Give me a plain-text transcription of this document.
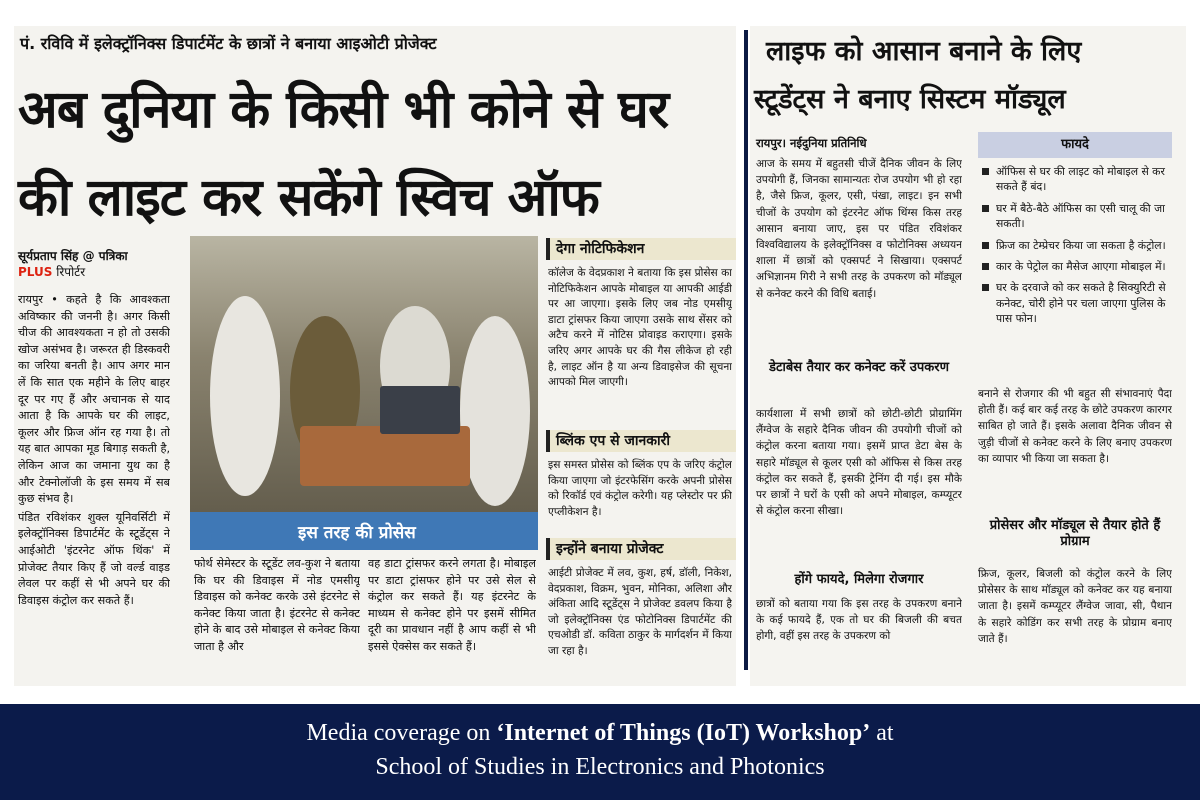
पं. रविवि में इलेक्ट्रॉनिक्स डिपार्टमेंट के छात्रों ने बनाया आइओटी प्रोजेक्ट
अब दुनिया के किसी भी कोने से घर
की लाइट कर सकेंगे स्विच ऑफ
सूर्यप्रताप सिंह @ पत्रिका
PLUS रिपोर्टर

रायपुर • कहते है कि आवश्कता अविष्कार की जननी है। अगर किसी चीज की आवश्यकता न हो तो उसकी खोज असंभव है। जरूरत ही डिस्कवरी का जरिया बनती है। आप अगर मान लें कि सात एक महीने के लिए बाहर दूर पर गए हैं और अचानक से याद आता है कि आपके घर की लाइट, कूलर और फ्रिज ऑन रह गया है। तो यह बात आपका मूड बिगाड़ सकती है, लेकिन आज का जमाना युथ का है और टेक्नोलॉजी के इस समय में सब कुछ संभव है।

पंडित रविशंकर शुक्ल यूनिवर्सिटी में इलेक्ट्रॉनिक्स डिपार्टमेंट के स्टूडेंट्स ने आईओटी 'इंटरनेट ऑफ थिंक' में प्रोजेक्ट तैयार किए हैं जो वर्ल्ड वाइड लेवल पर कहीं से भी अपने घर की डिवाइस कंट्रोल कर सकते हैं।

इस तरह की प्रोसेस
फोर्थ सेमेस्टर के स्टूडेंट लव-कुश ने बताया कि घर की डिवाइस में नोड एमसीयू डिवाइस को कनेक्ट करके उसे इंटरनेट से कनेक्ट किया जाता है। इंटरनेट से कनेक्ट होने के बाद उसे मोबाइल से कनेक्ट किया जाता है और
वह डाटा ट्रांसफर करने लगता है। मोबाइल पर डाटा ट्रांसफर होने पर उसे सेल से कंट्रोल कर सकते हैं। यह इंटरनेट के माध्यम से कनेक्ट होने पर इसमें सीमित दूरी का प्रावधान नहीं है आप कहीं से भी इससे ऐक्सेस कर सकते हैं।
देगा नोटिफिकेशन
कॉलेज के वेदप्रकाश ने बताया कि इस प्रोसेस का नोटिफिकेशन आपके मोबाइल या आपकी आईडी पर आ जाएगा। इसके लिए जब नोड एमसीयू डाटा ट्रांसफर किया जाएगा उसके साथ सेंसर को अटैच करने में नोटिस प्रोवाइड कराएगा। इसके जरिए अगर आपके घर की गैस लीकेज हो रही है, लाइट ऑन है या अन्य डिवाइसेज की सूचना आपको मिल जाएगी।
ब्लिंक एप से जानकारी
इस समस्त प्रोसेस को ब्लिंक एप के जरिए कंट्रोल किया जाएगा जो इंटरफेसिंग करके अपनी प्रोसेस को रिकॉर्ड एवं कंट्रोल करेगी। यह प्लेस्टोर पर फ्री एप्लीकेशन है।
इन्होंने बनाया प्रोजेक्ट
आईटी प्रोजेक्ट में लव, कुश, हर्ष, डॉली, निकेश, वेदप्रकाश, विक्रम, भुवन, मोनिका, अलिशा और अंकिता आदि स्टूडेंट्स ने प्रोजेक्ट डवलप किया है जो इलेक्ट्रॉनिक्स एंड फोटोनिक्स डिपार्टमेंट की एचओडी डॉ. कविता ठाकुर के मार्गदर्शन में किया जा रहा है।
लाइफ को आसान बनाने के लिए
स्टूडेंट्स ने बनाए सिस्टम मॉड्यूल
रायपुर। नईदुनिया प्रतिनिधि
आज के समय में बहुतसी चीजें दैनिक जीवन के लिए उपयोगी हैं, जिनका सामान्यतः रोज उपयोग भी हो रहा है, जैसे फ्रिज, कूलर, एसी, पंखा, लाइट। इन सभी चीजों के उपयोग को इंटरनेट ऑफ थिंग्स किस तरह आसान बनाया जाए, इस पर पंडित रविशंकर विश्वविद्यालय के इलेक्ट्रॉनिक्स व फोटोनिक्स अध्ययन शाला में छात्रों को एक्सपर्ट ने सिखाया। एक्सपर्ट अभिज्ञानम गिरी ने सभी तरह के उपकरण को मॉड्यूल से कनेक्ट करने की विधि बताई।
डेटाबेस तैयार कर कनेक्ट करें उपकरण
कार्यशाला में सभी छात्रों को छोटी-छोटी प्रोग्रामिंग लैंग्वेज के सहारे दैनिक जीवन की उपयोगी चीजों को कंट्रोल करना बताया गया। इसमें प्राप्त डेटा बेस के सहारे मॉड्यूल से कूलर एसी को ऑफिस से किस तरह कंट्रोल कर सकते हैं, इसकी ट्रेनिंग दी गई। इस मौके पर छात्रों ने घरों के एसी को अपने मोबाइल, कम्प्यूटर से कंट्रोल करना सीखा।
होंगे फायदे, मिलेगा रोजगार
छात्रों को बताया गया कि इस तरह के उपकरण बनाने के कई फायदे हैं, एक तो घर की बिजली की बचत होगी, वहीं इस तरह के उपकरण को
फायदे
ऑफिस से घर की लाइट को मोबाइल से कर सकते हैं बंद।
घर में बैठे-बैठे ऑफिस का एसी चालू की जा सकती।
फ्रिज का टेम्प्रेचर किया जा सकता है कंट्रोल।
कार के पेट्रोल का मैसेज आएगा मोबाइल में।
घर के दरवाजे को कर सकते है सिक्युरिटी से कनेक्ट, चोरी होने पर चला जाएगा पुलिस के पास फोन।
बनाने से रोजगार की भी बहुत सी संभावनाएं पैदा होती हैं। कई बार कई तरह के छोटे उपकरण कारगर साबित हो जाते हैं। इसके अलावा दैनिक जीवन से जुड़ी चीजों से कनेक्ट करने के लिए बनाए उपकरण का व्यापार भी किया जा सकता है।
प्रोसेसर और मॉड्यूल से तैयार होते हैं प्रोग्राम
फ्रिज, कूलर, बिजली को कंट्रोल करने के लिए प्रोसेसर के साथ मॉड्यूल को कनेक्ट कर यह बनाया जाता है। इसमें कम्प्यूटर लैंग्वेज जावा, सी, पैथान के सहारे कोडिंग कर सभी तरह के प्रोग्राम बनाए जाते हैं।
Media coverage on ‘Internet of Things (IoT) Workshop’ at
School of Studies in Electronics and Photonics
